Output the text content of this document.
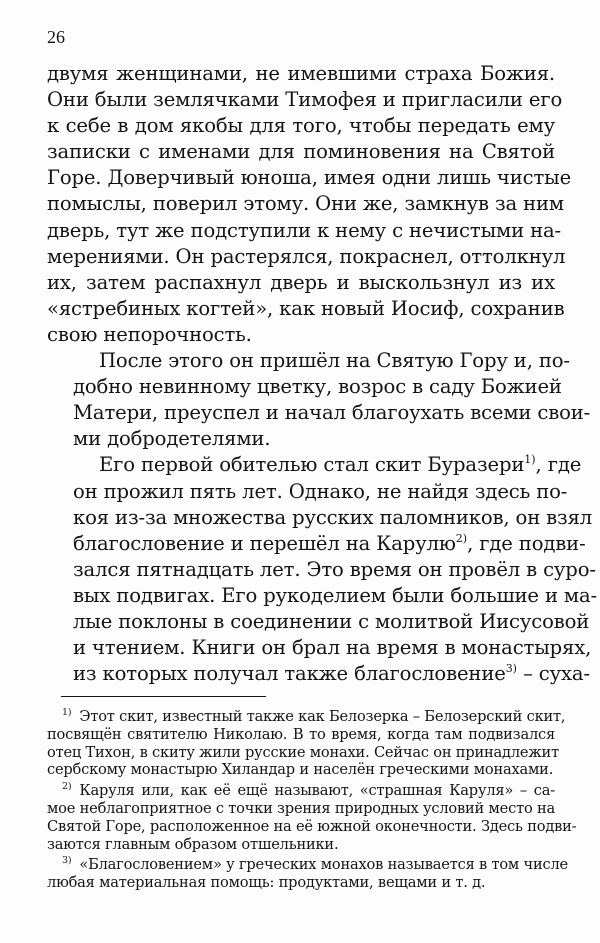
26

двумя женщинами, не имевшими страха Божия.
Они были землячками Тимофея и пригласили его
к себе в дом якобы для того, чтобы передать ему
записки с именами для поминовения на Святой
Горе. Доверчивый юноша, имея одни лишь чистые
помыслы, поверил этому. Они же, замкнув за ним
дверь, тут же подступили к нему с нечистыми на-
мерениями. Он растерялся, покраснел, оттолкнул
их, затем распахнул дверь и выскользнул из их
«ястребиных когтей», как новый Иосиф, сохранив
свою непорочность.

После этого он пришёл на Святую Гору и, по-
добно невинному цветку, возрос в саду Божией
Матери, преуспел и начал благоухать всеми свои-
ми добродетелями.

Его первой обителью стал скит Буразери$^{1)}$, где
он прожил пять лет. Однако, не найдя здесь по-
коя из-за множества русских паломников, он взял
благословение и перешёл на Карулю$^{2)}$, где подви-
зался пятнадцать лет. Это время он провёл в суро-
вых подвигах. Его рукоделием были большие и ма-
лые поклоны в соединении с молитвой Иисусовой
и чтением. Книги он брал на время в монастырях,
из которых получал также благословение$^{3)}$ – суха-

$^{1)}$ Этот скит, известный также как Белозерка – Белозерский скит,
посвящён святителю Николаю. В то время, когда там подвизался
отец Тихон, в скиту жили русские монахи. Сейчас он принадлежит
сербскому монастырю Хиландар и населён греческими монахами.
$^{2)}$ Каруля или, как её ещё называют, «страшная Каруля» – са-
мое неблагоприятное с точки зрения природных условий место на
Святой Горе, расположенное на её южной оконечности. Здесь подви-
заются главным образом отшельники.
$^{3)}$ «Благословением» у греческих монахов называется в том числе
любая материальная помощь: продуктами, вещами и т. д.
